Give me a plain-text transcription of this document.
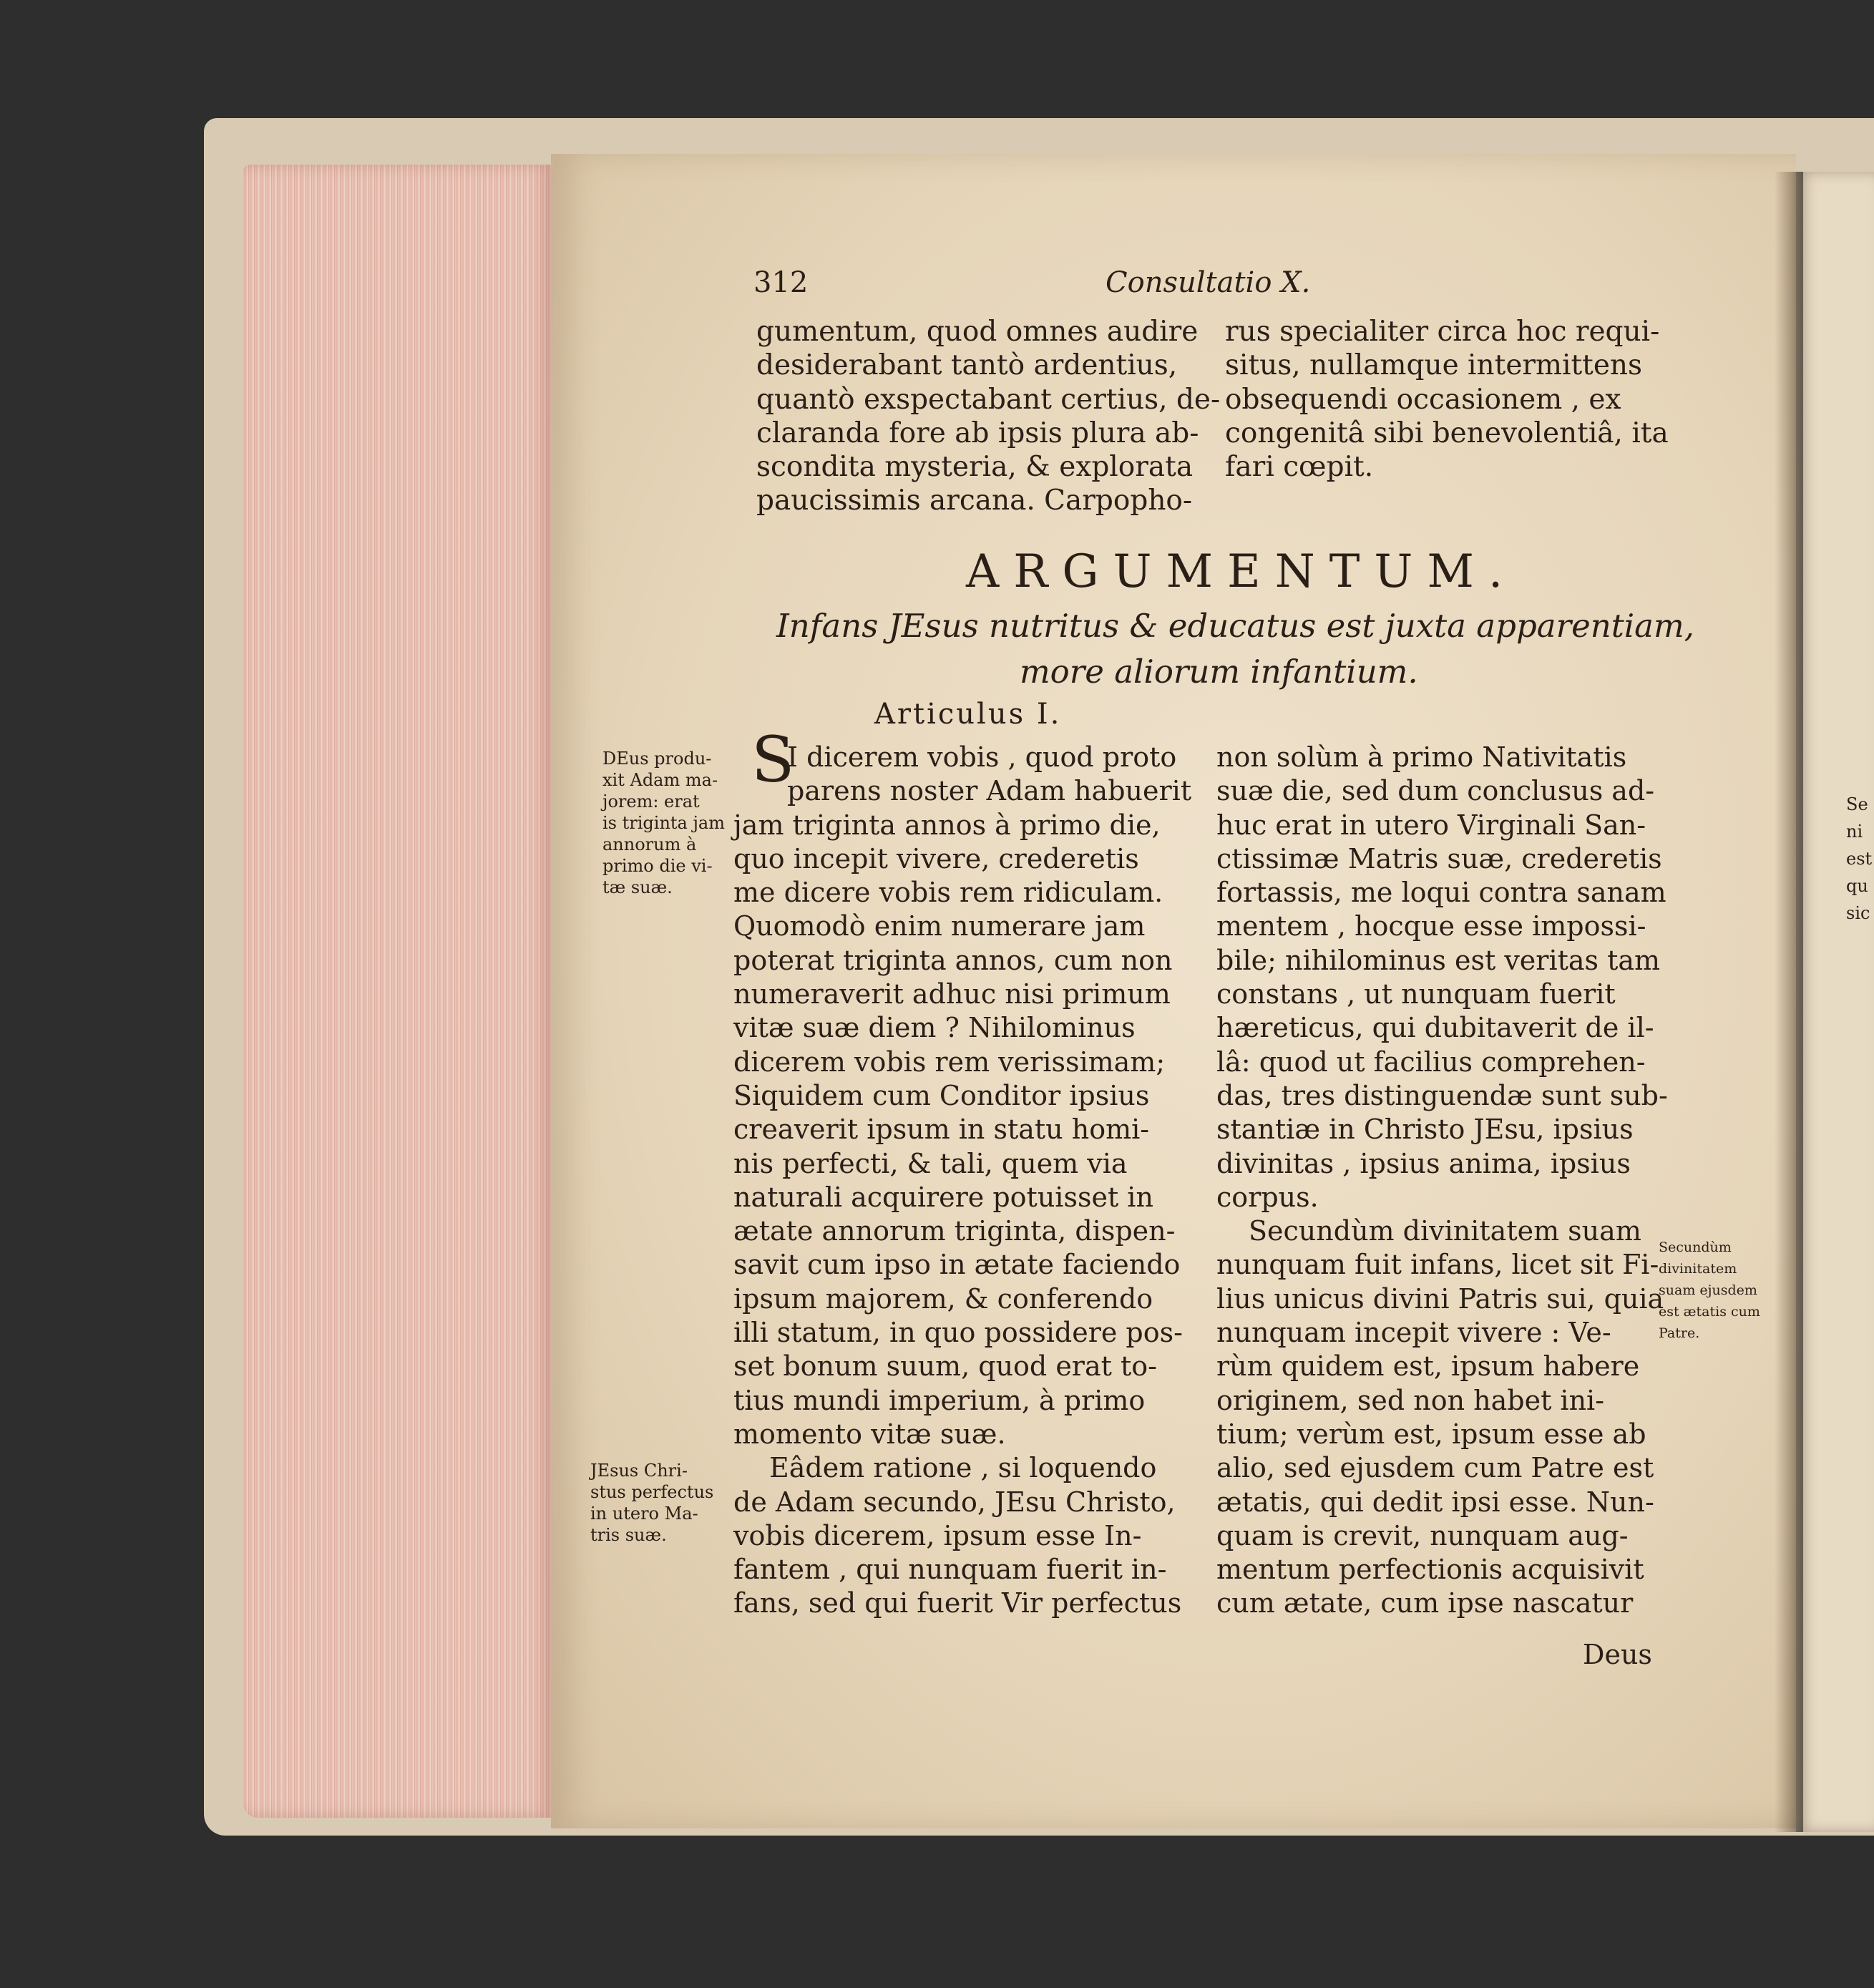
312	Consultatio X.
gumentum, quod omnes audire
desiderabant tantò ardentius,
quantò exspectabant certius, de-
claranda fore ab ipsis plura ab-
scondita mysteria, & explorata
paucissimis arcana. Carpopho-
rus specialiter circa hoc requi-
situs, nullamque intermittens
obsequendi occasionem , ex
congenitâ sibi benevolentiâ, ita
fari cœpit.
ARGUMENTUM.
Infans JEsus nutritus & educatus est juxta apparentiam,
more aliorum infantium.
Articulus I.
S
I dicerem vobis , quod proto
parens noster Adam habuerit
jam triginta annos à primo die,
quo incepit vivere, crederetis
me dicere vobis rem ridiculam.
Quomodò enim numerare jam
poterat triginta annos, cum non
numeraverit adhuc nisi primum
vitæ suæ diem ? Nihilominus
dicerem vobis rem verissimam;
Siquidem cum Conditor ipsius
creaverit ipsum in statu homi-
nis perfecti, & tali, quem via
naturali acquirere potuisset in
ætate annorum triginta, dispen-
savit cum ipso in ætate faciendo
ipsum majorem, & conferendo
illi statum, in quo possidere pos-
set bonum suum, quod erat to-
tius mundi imperium, à primo
momento vitæ suæ.
Eâdem ratione , si loquendo
de Adam secundo, JEsu Christo,
vobis dicerem, ipsum esse In-
fantem , qui nunquam fuerit in-
fans, sed qui fuerit Vir perfectus
non solùm à primo Nativitatis
suæ die, sed dum conclusus ad-
huc erat in utero Virginali San-
ctissimæ Matris suæ, crederetis
fortassis, me loqui contra sanam
mentem , hocque esse impossi-
bile; nihilominus est veritas tam
constans , ut nunquam fuerit
hæreticus, qui dubitaverit de il-
lâ: quod ut facilius comprehen-
das, tres distinguendæ sunt sub-
stantiæ in Christo JEsu, ipsius
divinitas , ipsius anima, ipsius
corpus.
Secundùm divinitatem suam
nunquam fuit infans, licet sit Fi-
lius unicus divini Patris sui, quia
nunquam incepit vivere : Ve-
rùm quidem est, ipsum habere
originem, sed non habet ini-
tium; verùm est, ipsum esse ab
alio, sed ejusdem cum Patre est
ætatis, qui dedit ipsi esse. Nun-
quam is crevit, nunquam aug-
mentum perfectionis acquisivit
cum ætate, cum ipse nascatur
Deus
DEus produ-
xit Adam ma-
jorem: erat
is triginta jam
annorum à
primo die vi-
tæ suæ.
JEsus Chri-
stus perfectus
in utero Ma-
tris suæ.
Secundùm
divinitatem
suam ejusdem
est ætatis cum
Patre.
Se
ni
est
qu
sic
